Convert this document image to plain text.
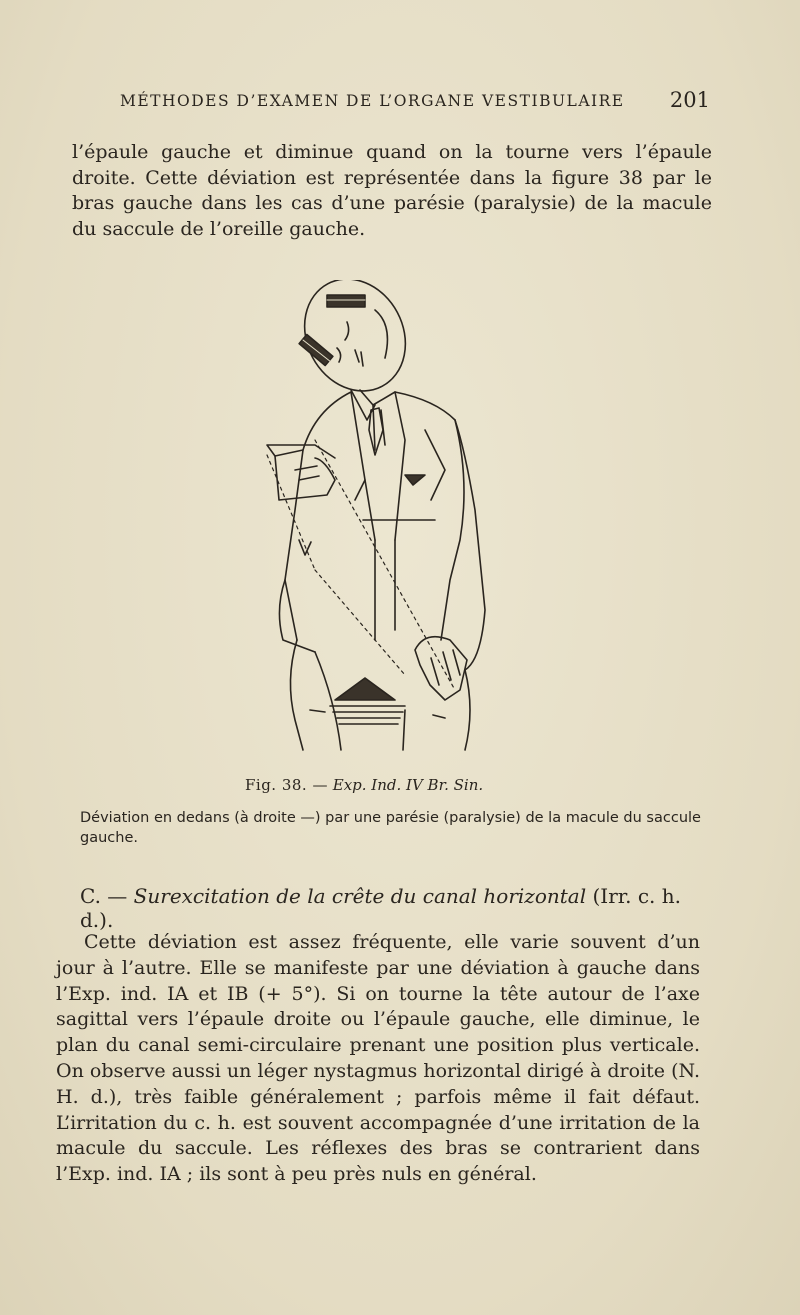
MÉTHODES D’EXAMEN DE L’ORGANE VESTIBULAIRE 201

l’épaule gauche et diminue quand on la tourne vers l’épaule droite. Cette déviation est représentée dans la figure 38 par le bras gauche dans les cas d’une parésie (paralysie) de la macule du saccule de l’oreille gauche.

Fig. 38. — Exp. Ind. IV Br. Sin.
Déviation en dedans (à droite —) par une parésie (paralysie) de la macule du saccule gauche.
C. — Surexcitation de la crête du canal horizontal (Irr. c. h. d.).

Cette déviation est assez fréquente, elle varie souvent d’un jour à l’autre. Elle se manifeste par une déviation à gauche dans l’Exp. ind. IA et IB (+ 5°). Si on tourne la tête autour de l’axe sagittal vers l’épaule droite ou l’épaule gauche, elle diminue, le plan du canal semi-circulaire prenant une position plus verticale. On observe aussi un léger nystagmus horizontal dirigé à droite (N. H. d.), très faible généralement ; parfois même il fait défaut. L’irritation du c. h. est souvent accompagnée d’une irritation de la macule du saccule. Les réflexes des bras se contrarient dans l’Exp. ind. IA ; ils sont à peu près nuls en général.
